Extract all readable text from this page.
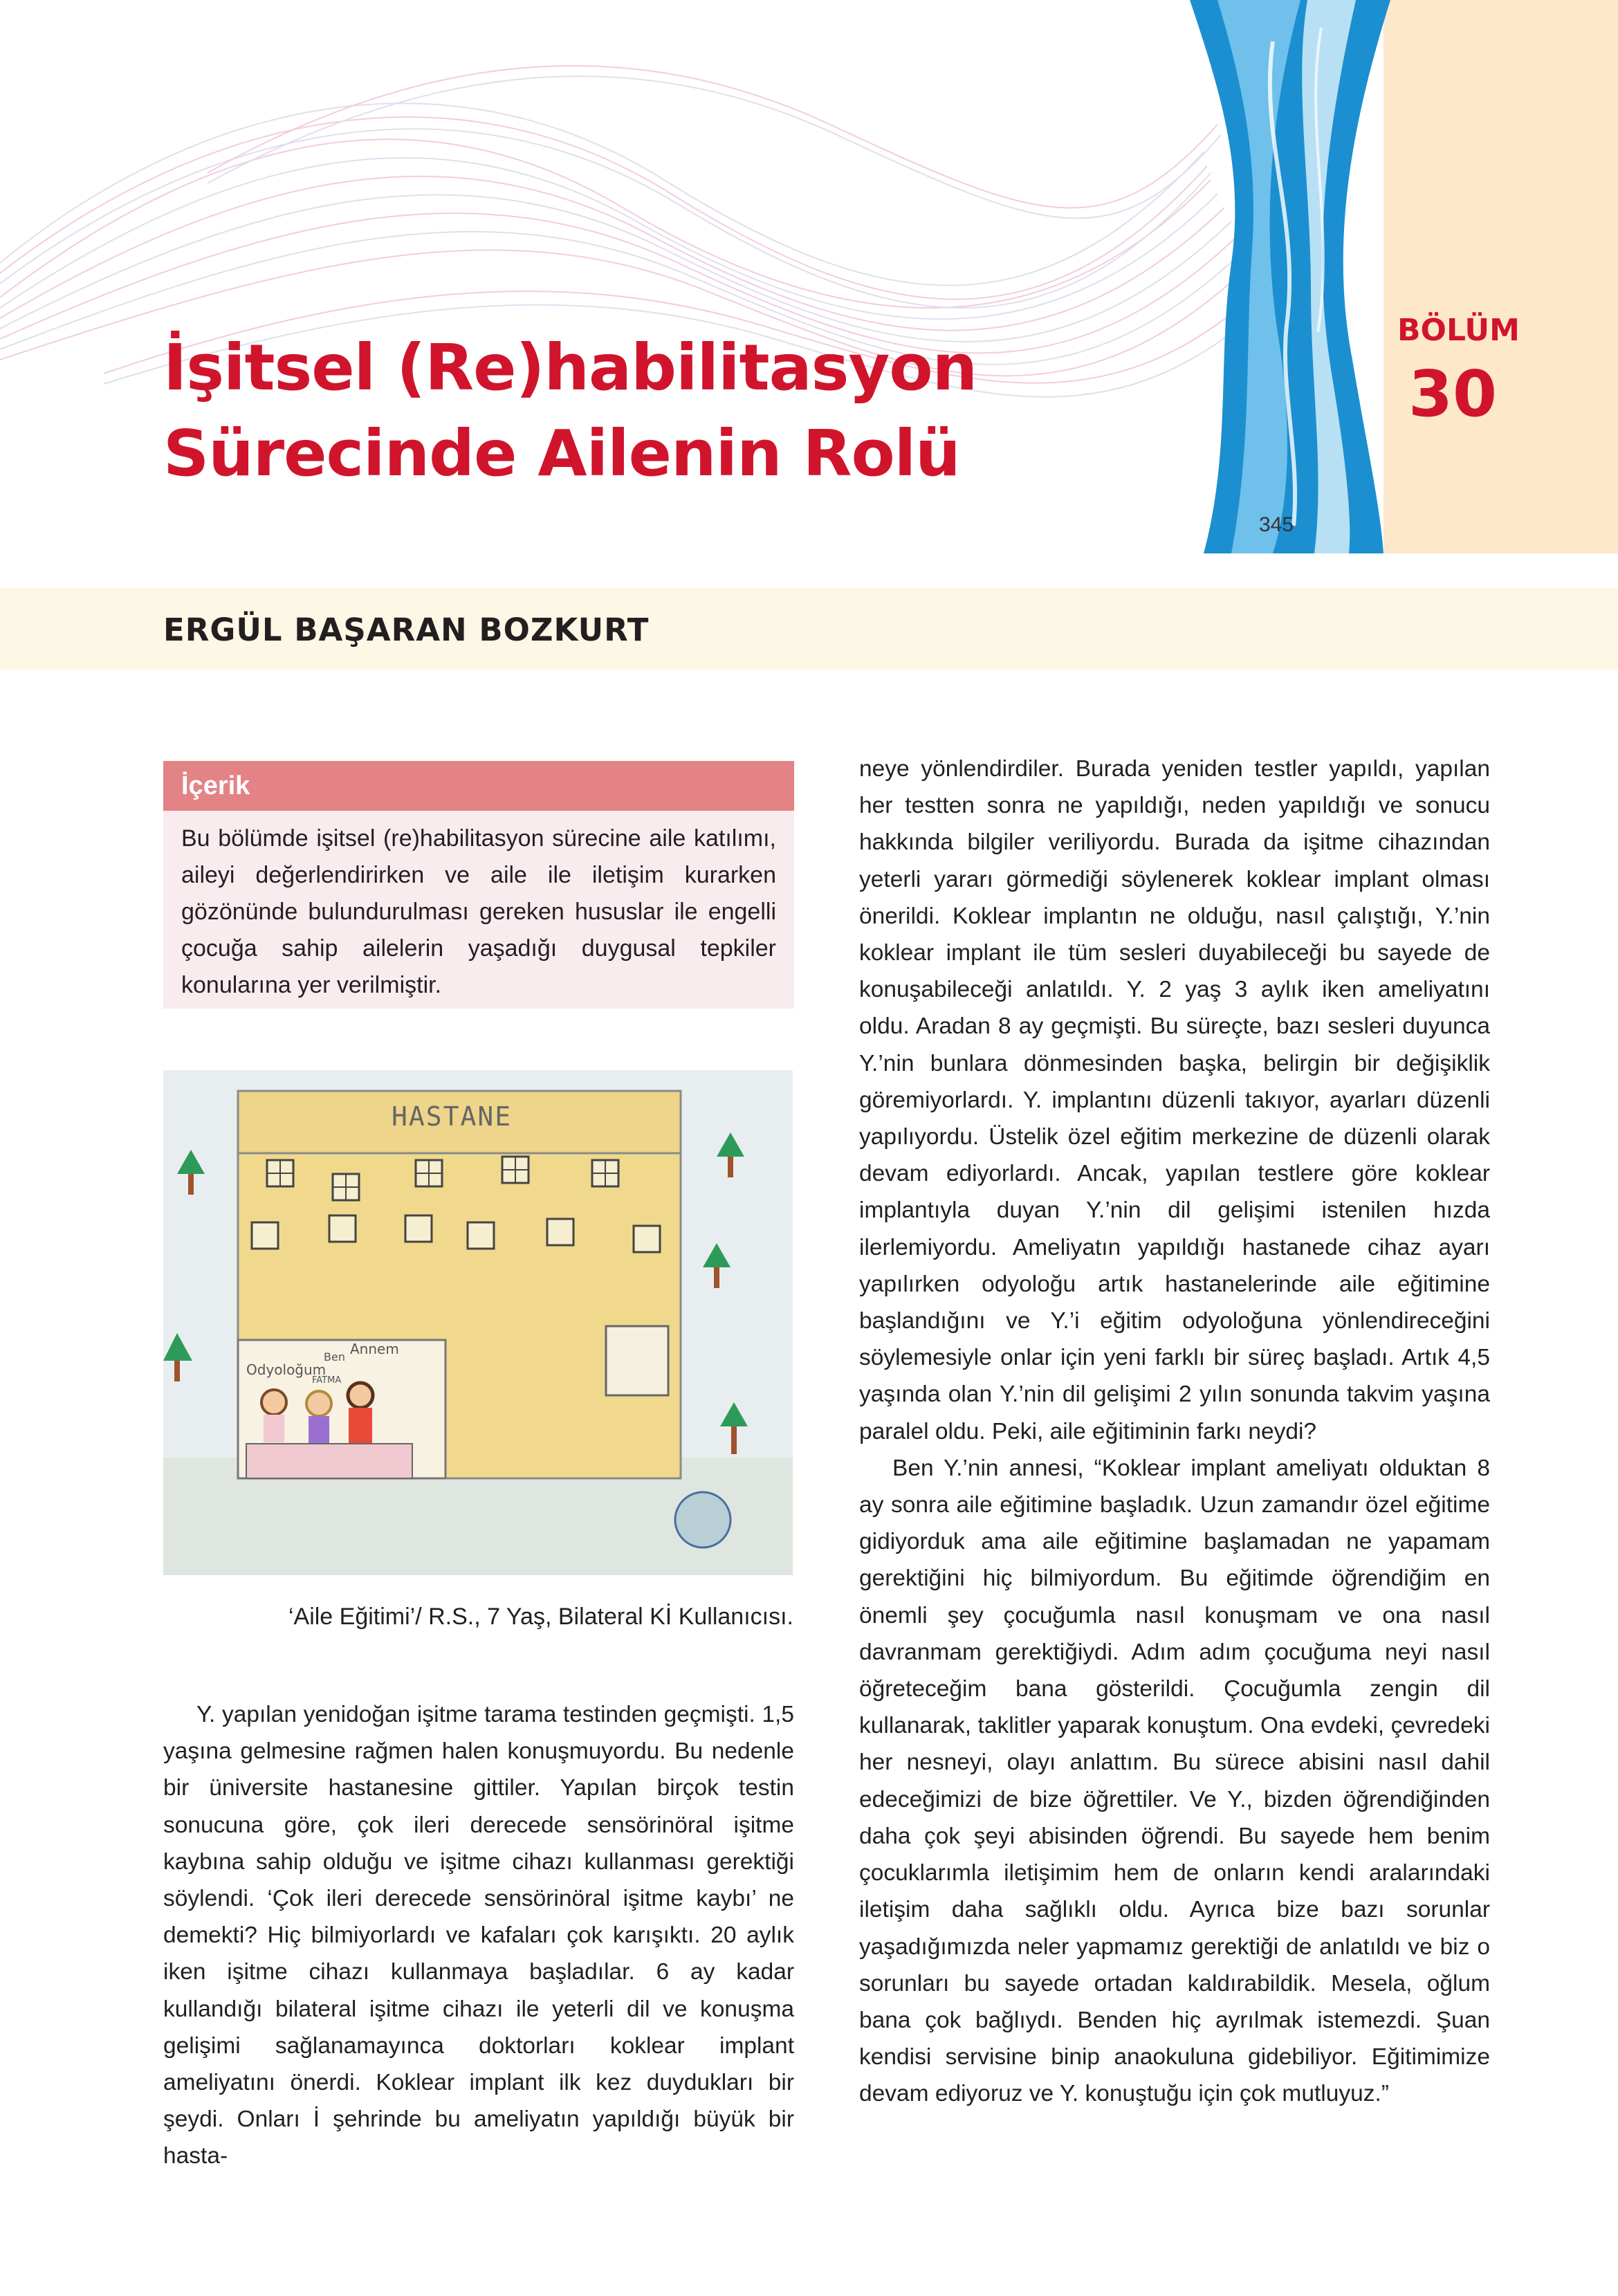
İşitsel (Re)habilitasyon
Sürecinde Ailenin Rolü
BÖLÜM
30
345
ERGÜL BAŞARAN BOZKURT
İçerik
Bu bölümde işitsel (re)habilitasyon sürecine aile katılımı, aileyi değerlendirirken ve aile ile iletişim kurarken gözönünde bulundurulması gereken hususlar ile engelli çocuğa sahip ailelerin yaşadığı duygusal tepkiler konularına yer verilmiştir.
HASTANE
Odyoloğum
Ben Annem
FATMA
‘Aile Eğitimi’/ R.S., 7 Yaş, Bilateral Kİ Kullanıcısı.

Y. yapılan yenidoğan işitme tarama testinden geçmişti. 1,5 yaşına gelmesine rağmen halen konuşmuyordu. Bu nedenle bir üniversite hastanesine gittiler. Yapılan birçok testin sonucuna göre, çok ileri derecede sensörinöral işitme kaybına sahip olduğu ve işitme cihazı kullanması gerektiği söylendi. ‘Çok ileri derecede sensörinöral işitme kaybı’ ne demekti? Hiç bilmiyorlardı ve kafaları çok karışıktı. 20 aylık iken işitme cihazı kullanmaya başladılar. 6 ay kadar kullandığı bilateral işitme cihazı ile yeterli dil ve konuşma gelişimi sağlanamayınca doktorları koklear implant ameliyatını önerdi. Koklear implant ilk kez duydukları bir şeydi. Onları İ şehrinde bu ameliyatın yapıldığı büyük bir hasta-

neye yönlendirdiler. Burada yeniden testler yapıldı, yapılan her testten sonra ne yapıldığı, neden yapıldığı ve sonucu hakkında bilgiler veriliyordu. Burada da işitme cihazından yeterli yararı görmediği söylenerek koklear implant olması önerildi. Koklear implantın ne olduğu, nasıl çalıştığı, Y.’nin koklear implant ile tüm sesleri duyabileceği bu sayede de konuşabileceği anlatıldı. Y. 2 yaş 3 aylık iken ameliyatını oldu. Aradan 8 ay geçmişti. Bu süreçte, bazı sesleri duyunca Y.’nin bunlara dönmesinden başka, belirgin bir değişiklik göremiyorlardı. Y. implantını düzenli takıyor, ayarları düzenli yapılıyordu. Üstelik özel eğitim merkezine de düzenli olarak devam ediyorlardı. Ancak, yapılan testlere göre koklear implantıyla duyan Y.’nin dil gelişimi istenilen hızda ilerlemiyordu. Ameliyatın yapıldığı hastanede cihaz ayarı yapılırken odyoloğu artık hastanelerinde aile eğitimine başlandığını ve Y.’i eğitim odyoloğuna yönlendireceğini söylemesiyle onlar için yeni farklı bir süreç başladı. Artık 4,5 yaşında olan Y.’nin dil gelişimi 2 yılın sonunda takvim yaşına paralel oldu. Peki, aile eğitiminin farkı neydi?

Ben Y.’nin annesi, “Koklear implant ameliyatı olduktan 8 ay sonra aile eğitimine başladık. Uzun zamandır özel eğitime gidiyorduk ama aile eğitimine başlamadan ne yapamam gerektiğini hiç bilmiyordum. Bu eğitimde öğrendiğim en önemli şey çocuğumla nasıl konuşmam ve ona nasıl davranmam gerektiğiydi. Adım adım çocuğuma neyi nasıl öğreteceğim bana gösterildi. Çocuğumla zengin dil kullanarak, taklitler yaparak konuştum. Ona evdeki, çevredeki her nesneyi, olayı anlattım. Bu sürece abisini nasıl dahil edeceğimizi de bize öğrettiler. Ve Y., bizden öğrendiğinden daha çok şeyi abisinden öğrendi. Bu sayede hem benim çocuklarımla iletişimim hem de onların kendi aralarındaki iletişim daha sağlıklı oldu. Ayrıca bize bazı sorunlar yaşadığımızda neler yapmamız gerektiği de anlatıldı ve biz o sorunları bu sayede ortadan kaldırabildik. Mesela, oğlum bana çok bağlıydı. Benden hiç ayrılmak istemezdi. Şuan kendisi servisine binip anaokuluna gidebiliyor. Eğitimimize devam ediyoruz ve Y. konuştuğu için çok mutluyuz.”
